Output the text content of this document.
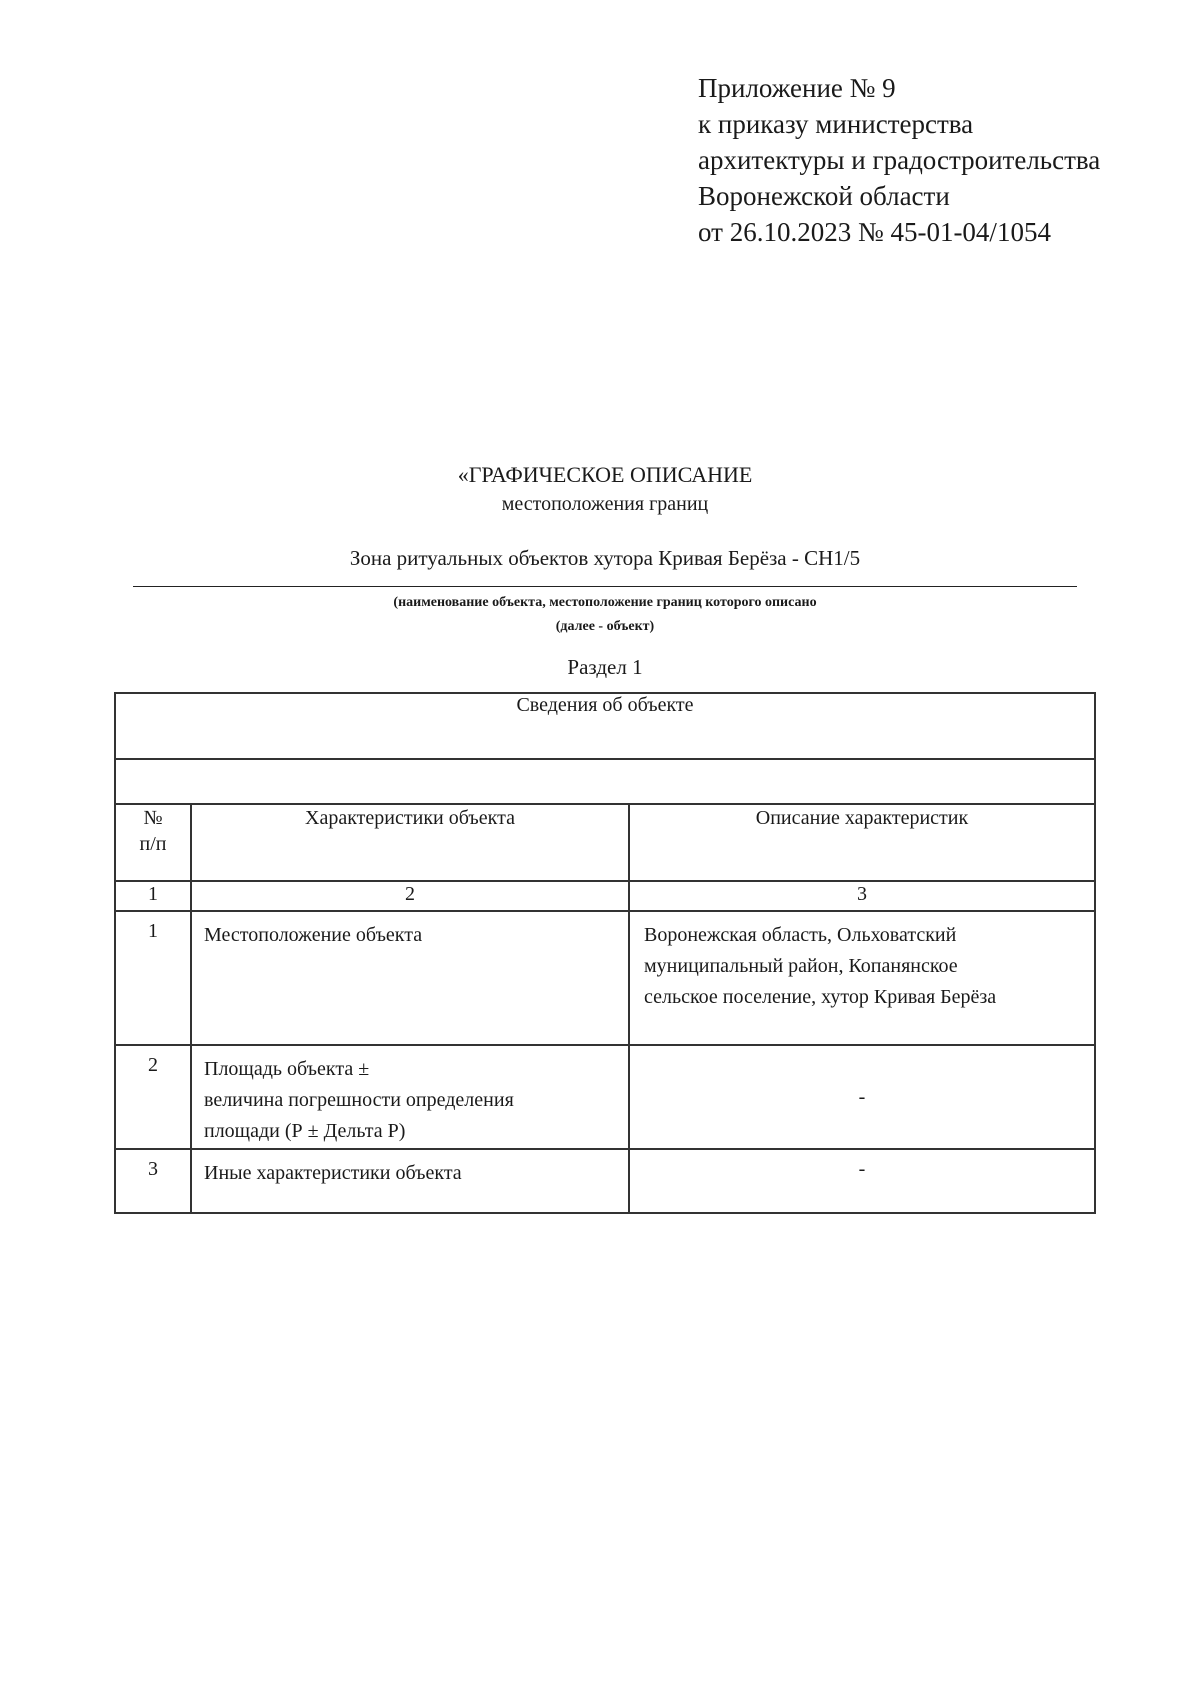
Приложение № 9
к приказу министерства
архитектуры и градостроительства
Воронежской области
от 26.10.2023 № 45-01-04/1054
«ГРАФИЧЕСКОЕ ОПИСАНИЕ
местоположения границ
Зона ритуальных объектов хутора Кривая Берёза - СН1/5
(наименование объекта, местоположение границ которого описано
(далее - объект)
Раздел 1
Сведения об объекте		

№
п/п	Характеристики объекта	Описание характеристик
1	2	3
1	Местоположение объекта	Воронежская область, Ольховатский
муниципальный район, Копанянское
сельское поселение, хутор Кривая Берёза

2	Площадь объекта ±
величина погрешности определения
площади (Р ± Дельта Р)	-

3	Иные характеристики объекта	-
